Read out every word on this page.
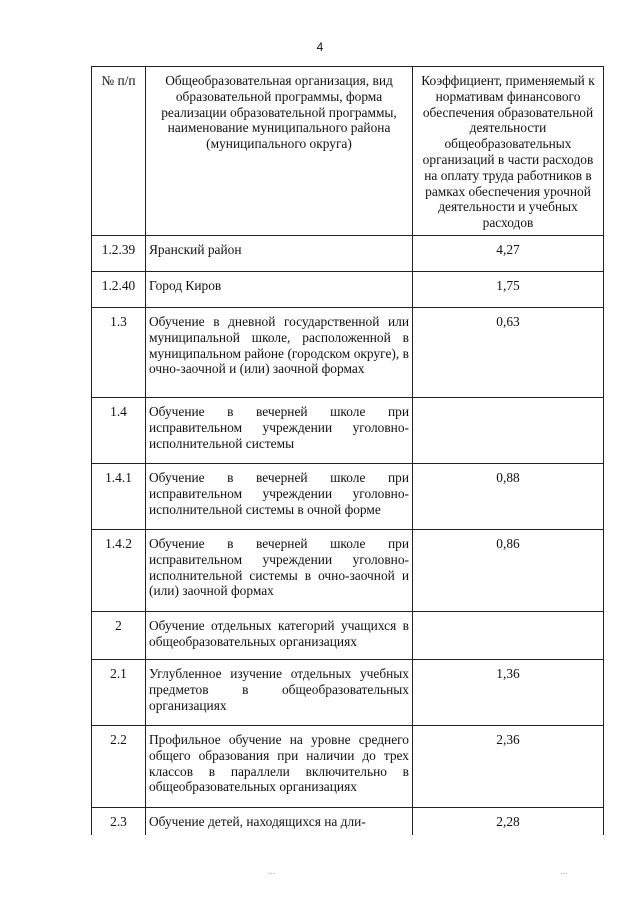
4
№ п/п	Общеобразовательная организация, вид образовательной программы, форма реализации образовательной программы, наименование муниципального района (муниципального округа)	Коэффициент, применяемый к нормативам финансового обеспечения образовательной деятельности общеобразовательных организаций в части расходов на оплату труда работников в рамках обеспечения урочной деятельности и учебных расходов
1.2.39	Яранский район	4,27
1.2.40	Город Киров	1,75
1.3	Обучение в дневной государственной или муниципальной школе, расположенной в муниципальном районе (городском округе), в очно-заочной и (или) заочной формах	0,63
1.4	Обучение в вечерней школе при исправительном учреждении уголовно-исполнительной системы	
1.4.1	Обучение в вечерней школе при исправительном учреждении уголовно-исполнительной системы в очной форме	0,88
1.4.2	Обучение в вечерней школе при исправительном учреждении уголовно-исполнительной системы в очно-заочной и (или) заочной формах	0,86
2	Обучение отдельных категорий учащихся в общеобразовательных организациях	
2.1	Углубленное изучение отдельных учебных предметов в общеобразовательных организациях	1,36
2.2	Профильное обучение на уровне среднего общего образования при наличии до трех классов в параллели включительно в общеобразовательных организациях	2,36
2.3	Обучение детей, находящихся на дли-	2,28
...	...
